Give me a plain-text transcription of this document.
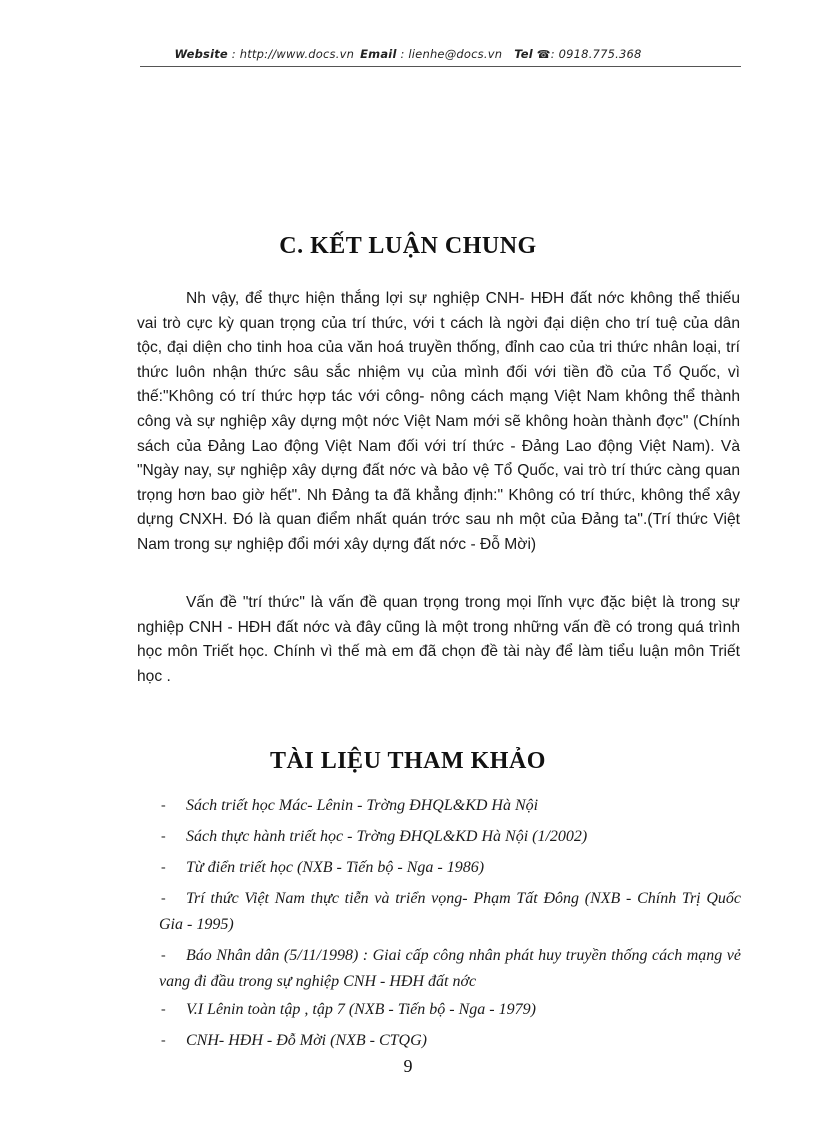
Website : http://www.docs.vn Email : lienhe@docs.vn Tel ☎: 0918.775.368
C. KẾT LUẬN CHUNG

Nh vậy, để thực hiện thắng lợi sự nghiệp CNH- HĐH đất nớc không thể thiếu vai trò cực kỳ quan trọng của trí thức, với t cách là ngời đại diện cho trí tuệ của dân tộc, đại diện cho tinh hoa của văn hoá truyền thống, đỉnh cao của tri thức nhân loại, trí thức luôn nhận thức sâu sắc nhiệm vụ của mình đối với tiền đồ của Tổ Quốc, vì thế:"Không có trí thức hợp tác với công- nông cách mạng Việt Nam không thể thành công và sự nghiệp xây dựng một nớc Việt Nam mới sẽ không hoàn thành đợc" (Chính sách của Đảng Lao động Việt Nam đối với trí thức - Đảng Lao động Việt Nam). Và "Ngày nay, sự nghiệp xây dựng đất nớc và bảo vệ Tổ Quốc, vai trò trí thức càng quan trọng hơn bao giờ hết". Nh Đảng ta đã khẳng định:" Không có trí thức, không thể xây dựng CNXH. Đó là quan điểm nhất quán trớc sau nh một của Đảng ta".(Trí thức Việt Nam trong sự nghiệp đổi mới xây dựng đất nớc - Đỗ Mời)

Vấn đề "trí thức" là vấn đề quan trọng trong mọi lĩnh vực đặc biệt là trong sự nghiệp CNH - HĐH đất nớc và đây cũng là một trong những vấn đề có trong quá trình học môn Triết học. Chính vì thế mà em đã chọn đề tài này để làm tiểu luận môn Triết học .

TÀI LIỆU THAM KHẢO
- Sách triết học Mác- Lênin - Trờng ĐHQL&KD Hà Nội
- Sách thực hành triết học - Trờng ĐHQL&KD Hà Nội (1/2002)
- Từ điển triết học (NXB - Tiến bộ - Nga - 1986)
- Trí thức Việt Nam thực tiễn và triển vọng- Phạm Tất Đông (NXB - Chính Trị Quốc Gia - 1995)
- Báo Nhân dân (5/11/1998) : Giai cấp công nhân phát huy truyền thống cách mạng vẻ vang đi đầu trong sự nghiệp CNH - HĐH đất nớc
- V.I Lênin toàn tập , tập 7 (NXB - Tiến bộ - Nga - 1979)
- CNH- HĐH - Đỗ Mời (NXB - CTQG)
9
